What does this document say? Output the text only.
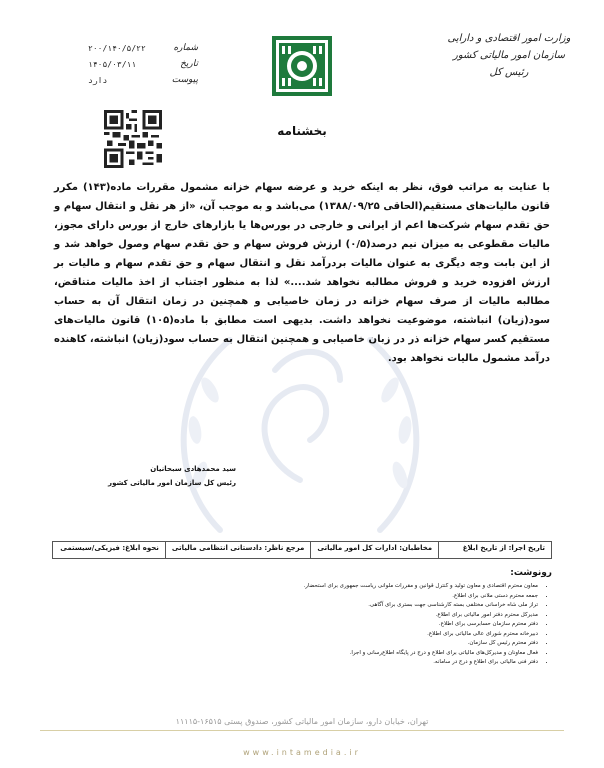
وزارت امور اقتصادی و دارایی
سازمان امور مالیاتی کشور
رئیس کل
شماره
۲۰۰/۱۴۰/۵/۲۲
تاریخ
۱۴۰۵/۰۳/۱۱
پیوست
دارد
بخشنامه
با عنایت به مراتب فوق، نظر به اینکه خرید و عرضه سهام خزانه مشمول مقررات ماده(۱۴۳) مکرر قانون مالیات‌های مستقیم(الحاقی ۱۳۸۸/۰۹/۲۵) می‌باشد و به موجب آن، «از هر نقل و انتقال سهام و حق تقدم سهام شرکت‌ها اعم از ایرانی و خارجی در بورس‌ها یا بازارهای خارج از بورس دارای مجوز، مالیات مقطوعی به میزان نیم درصد(۰/۵) ارزش فروش سهام و حق تقدم سهام وصول خواهد شد و از این بابت وجه دیگری به عنوان مالیات بردرآمد نقل و انتقال سهام و حق تقدم سهام و مالیات بر ارزش افزوده خرید و فروش مطالبه نخواهد شد....» لذا به منظور اجتناب از اخذ مالیات متناقض، مطالبه مالیات از صرف سهام خزانه در زمان خاصیابی و همچنین در زمان انتقال آن به حساب سود(زیان) انباشته، موضوعیت نخواهد داشت. بدیهی است مطابق با ماده(۱۰۵) قانون مالیات‌های مستقیم کسر سهام خزانه ذر در زبان خاصیابی و همچنین انتقال به حساب سود(زیان) انباشته، کاهنده درآمد مشمول مالیات نخواهد بود.
سید محمدهادی سبحانیان
رئیس کل سازمان امور مالیاتی کشور
تاریخ اجرا: از تاریخ ابلاغ
مخاطبان: ادارات کل امور مالیاتی
مرجع ناظر: دادستانی انتظامی مالیاتی
نحوه ابلاغ: فیزیکی/سیستمی
رونوشت:
• معاون محترم اقتصادی و معاون تولید و کنترل قوانین و مقررات ملوانی ریاست جمهوری برای استحضار.
• جمعه محترم دستی ملانی برای اطلاع.
• تراز ملی شاه خراسانی مختلفی بسته کارشناسی جهت بستری برای آگاهی.
• مدیرکل محترم دفتر امور مالیاتی برای اطلاع.
• دفتر محترم سازمان حسابرسی برای اطلاع.
• دبیرخانه محترم شورای عالی مالیاتی برای اطلاع.
• دفتر محترم رئیس کل سازمان.
• فعال معاونان و مدیرکل‌های مالیاتی برای اطلاع و درج در پایگاه اطلاع‌رسانی و اجرا.
• دفتر فنی مالیاتی برای اطلاع و درج در سامانه.
تهران، خیابان دارو، سازمان امور مالیاتی کشور، صندوق پستی ۱۶۵۱۵-۱۱۱۱۵
www.intamedia.ir
